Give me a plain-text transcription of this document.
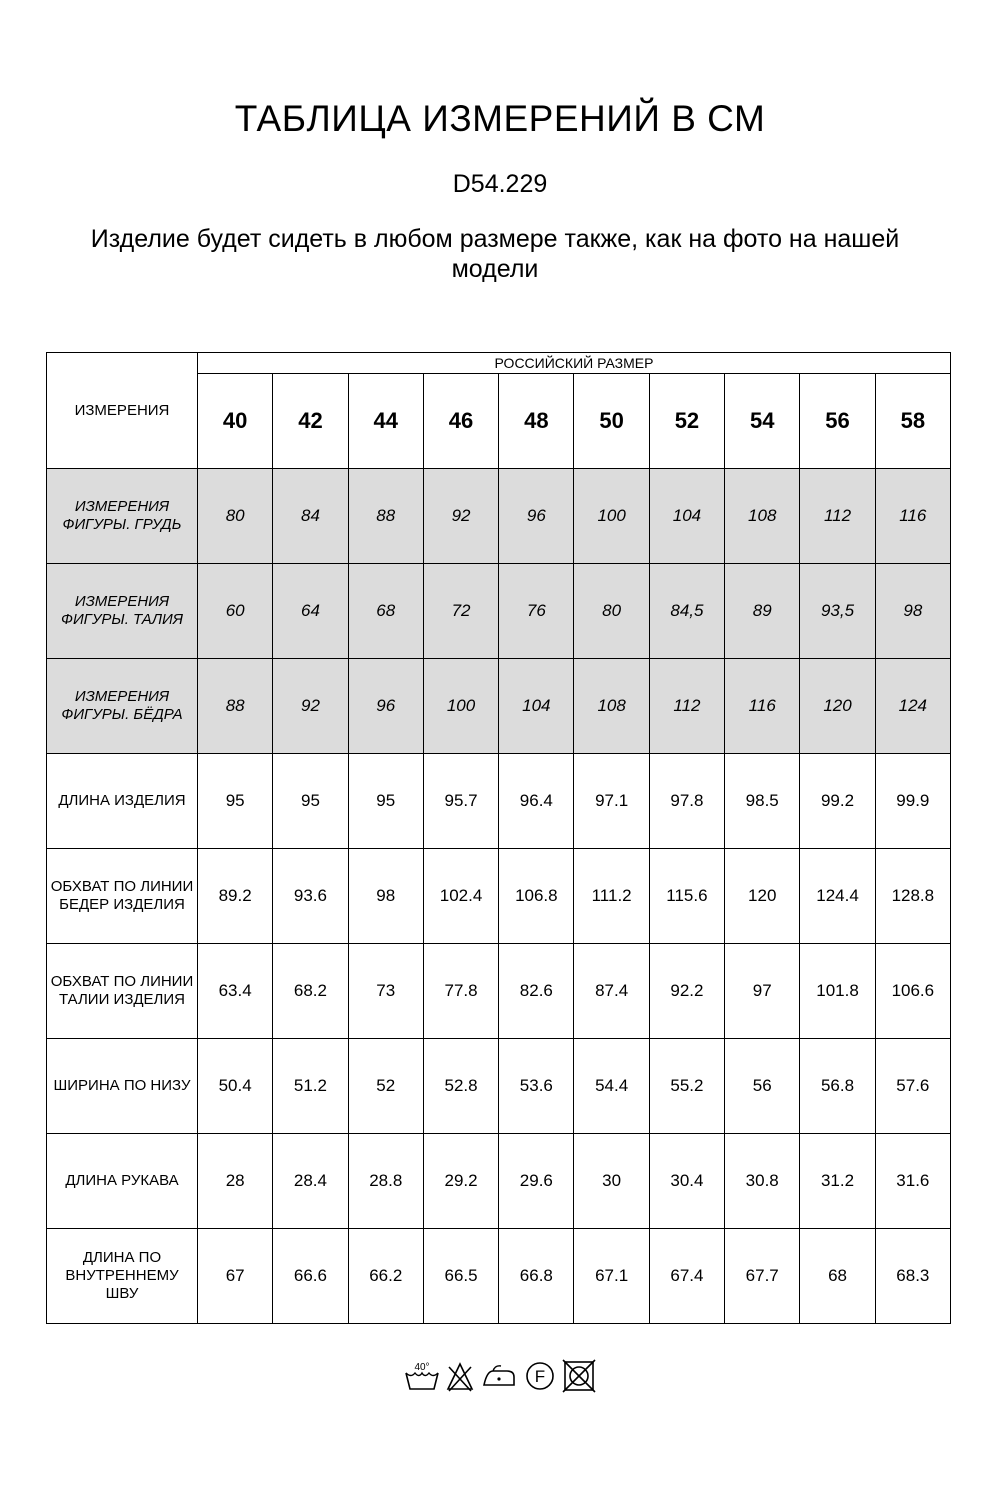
ТАБЛИЦА ИЗМЕРЕНИЙ В СМ

D54.229

Изделие будет сидеть в любом размере также, как на фото на нашей модели

ИЗМЕРЕНИЯ	РОССИЙСКИЙ РАЗМЕР									
	40	42	44	46	48	50	52	54	56	58
ИЗМЕРЕНИЯ ФИГУРЫ. ГРУДЬ	80	84	88	92	96	100	104	108	112	116
ИЗМЕРЕНИЯ ФИГУРЫ. ТАЛИЯ	60	64	68	72	76	80	84,5	89	93,5	98
ИЗМЕРЕНИЯ ФИГУРЫ. БЁДРА	88	92	96	100	104	108	112	116	120	124
ДЛИНА ИЗДЕЛИЯ	95	95	95	95.7	96.4	97.1	97.8	98.5	99.2	99.9
ОБХВАТ ПО ЛИНИИ БЕДЕР ИЗДЕЛИЯ	89.2	93.6	98	102.4	106.8	111.2	115.6	120	124.4	128.8
ОБХВАТ ПО ЛИНИИ ТАЛИИ ИЗДЕЛИЯ	63.4	68.2	73	77.8	82.6	87.4	92.2	97	101.8	106.6
ШИРИНА ПО НИЗУ	50.4	51.2	52	52.8	53.6	54.4	55.2	56	56.8	57.6
ДЛИНА РУКАВА	28	28.4	28.8	29.2	29.6	30	30.4	30.8	31.2	31.6
ДЛИНА ПО ВНУТРЕННЕМУ ШВУ	67	66.6	66.2	66.5	66.8	67.1	67.4	67.7	68	68.3
40°	F
